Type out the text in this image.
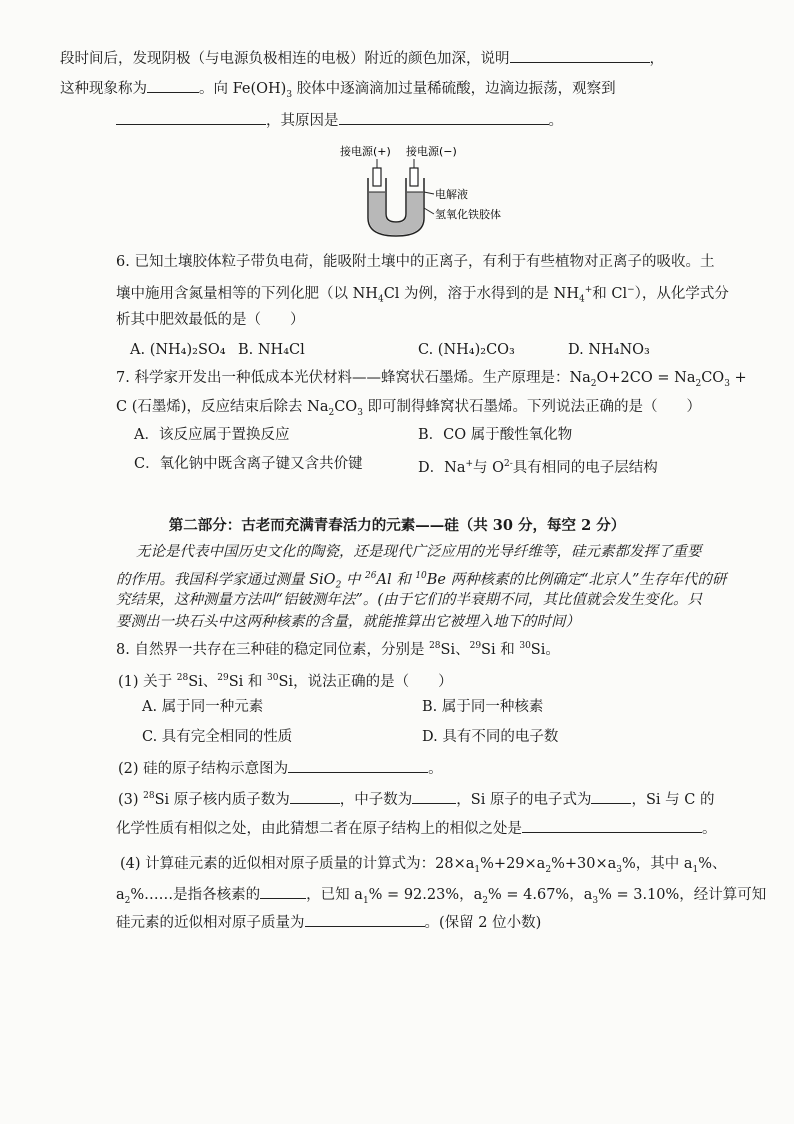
段时间后，发现阴极（与电源负极相连的电极）附近的颜色加深，说明	，
这种现象称为	。向 $Fe(OH)_3$ 胶体中逐滴滴加过量稀硫酸，边滴边振荡，观察到
，其原因是	。
接电源(+) 接电源(−)
电解液
氢氧化铁胶体
6. 已知土壤胶体粒子带负电荷，能吸附土壤中的正离子，有利于有些植物对正离子的吸收。土
壤中施用含氮量相等的下列化肥（以 $NH_4Cl$ 为例，溶于水得到的是 $NH_4^+$和 Cl−），从化学式分
析其中肥效最低的是（　　）
A. (NH₄)₂SO₄ B. NH₄Cl	C. (NH₄)₂CO₃	D. NH₄NO₃
7. 科学家开发出一种低成本光伏材料——蜂窝状石墨烯。生产原理是：$Na_2O+2CO = Na_2CO_3$ +
C (石墨烯)，反应结束后除去 $Na_2CO_3$ 即可制得蜂窝状石墨烯。下列说法正确的是（　　）
A．该反应属于置换反应	B．CO 属于酸性氧化物
C．氧化钠中既含离子键又含共价键	D．Na+与 $O^{2-}$具有相同的电子层结构
第二部分：古老而充满青春活力的元素——硅（共 30 分，每空 2 分）
无论是代表中国历史文化的陶瓷，还是现代广泛应用的光导纤维等，硅元素都发挥了重要
的作用。我国科学家通过测量 SiO$_2$ 中 $^{26}$Al 和 $^{10}$Be 两种核素的比例确定“北京人”生存年代的研
究结果，这种测量方法叫“铝铍测年法”。(由于它们的半衰期不同，其比值就会发生变化。只
要测出一块石头中这两种核素的含量，就能推算出它被埋入地下的时间）
8. 自然界一共存在三种硅的稳定同位素，分别是 $^{28}$Si、$^{29}$Si 和 $^{30}$Si。
(1) 关于 $^{28}$Si、$^{29}$Si 和 $^{30}$Si，说法正确的是（　　）
A. 属于同一种元素	B. 属于同一种核素
C. 具有完全相同的性质	D. 具有不同的电子数
(2) 硅的原子结构示意图为	。
(3) $^{28}$Si 原子核内质子数为	，中子数为	，Si 原子的电子式为	，Si 与 C 的
化学性质有相似之处，由此猜想二者在原子结构上的相似之处是	。
(4) 计算硅元素的近似相对原子质量的计算式为：$28\times a_1\%+29\times a_2\%+30\times a_3\%$，其中 $a_1\%$、
$a_2\%\dots\dots$是指各核素的	，已知 $a_1\% = 92.23\%$，$a_2\% = 4.67\%$，$a_3\% = 3.10\%$，经计算可知
硅元素的近似相对原子质量为	。(保留 2 位小数)
